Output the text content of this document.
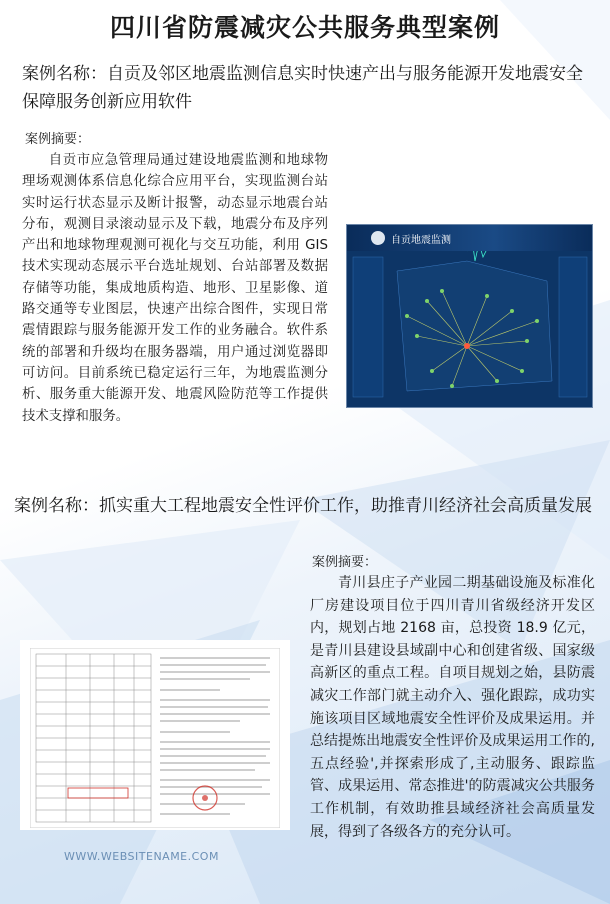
四川省防震减灾公共服务典型案例

案例名称：自贡及邻区地震监测信息实时快速产出与服务能源开发地震安全保障服务创新应用软件

案例摘要：

自贡市应急管理局通过建设地震监测和地球物理场观测体系信息化综合应用平台，实现监测台站实时运行状态显示及断计报警，动态显示地震台站分布，观测目录滚动显示及下载，地震分布及序列产出和地球物理观测可视化与交互功能，利用 GIS 技术实现动态展示平台选址规划、台站部署及数据存储等功能，集成地质构造、地形、卫星影像、道路交通等专业图层，快速产出综合图件，实现日常震情跟踪与服务能源开发工作的业务融合。软件系统的部署和升级均在服务器端，用户通过浏览器即可访问。目前系统已稳定运行三年，为地震监测分析、服务重大能源开发、地震风险防范等工作提供技术支撑和服务。

自贡地震监测

案例名称：抓实重大工程地震安全性评价工作，助推青川经济社会高质量发展

案例摘要：

青川县庄子产业园二期基础设施及标准化厂房建设项目位于四川青川省级经济开发区内，规划占地 2168 亩，总投资 18.9 亿元，是青川县建设县域副中心和创建省级、国家级高新区的重点工程。自项目规划之始，县防震减灾工作部门就主动介入、强化跟踪，成功实施该项目区域地震安全性评价及成果运用。并总结提炼出地震安全性评价及成果运用工作的,五点经验',并探索形成了,主动服务、跟踪监管、成果运用、常态推进'的防震减灾公共服务工作机制，有效助推县域经济社会高质量发展，得到了各级各方的充分认可。

WWW.WEBSITENAME.COM
